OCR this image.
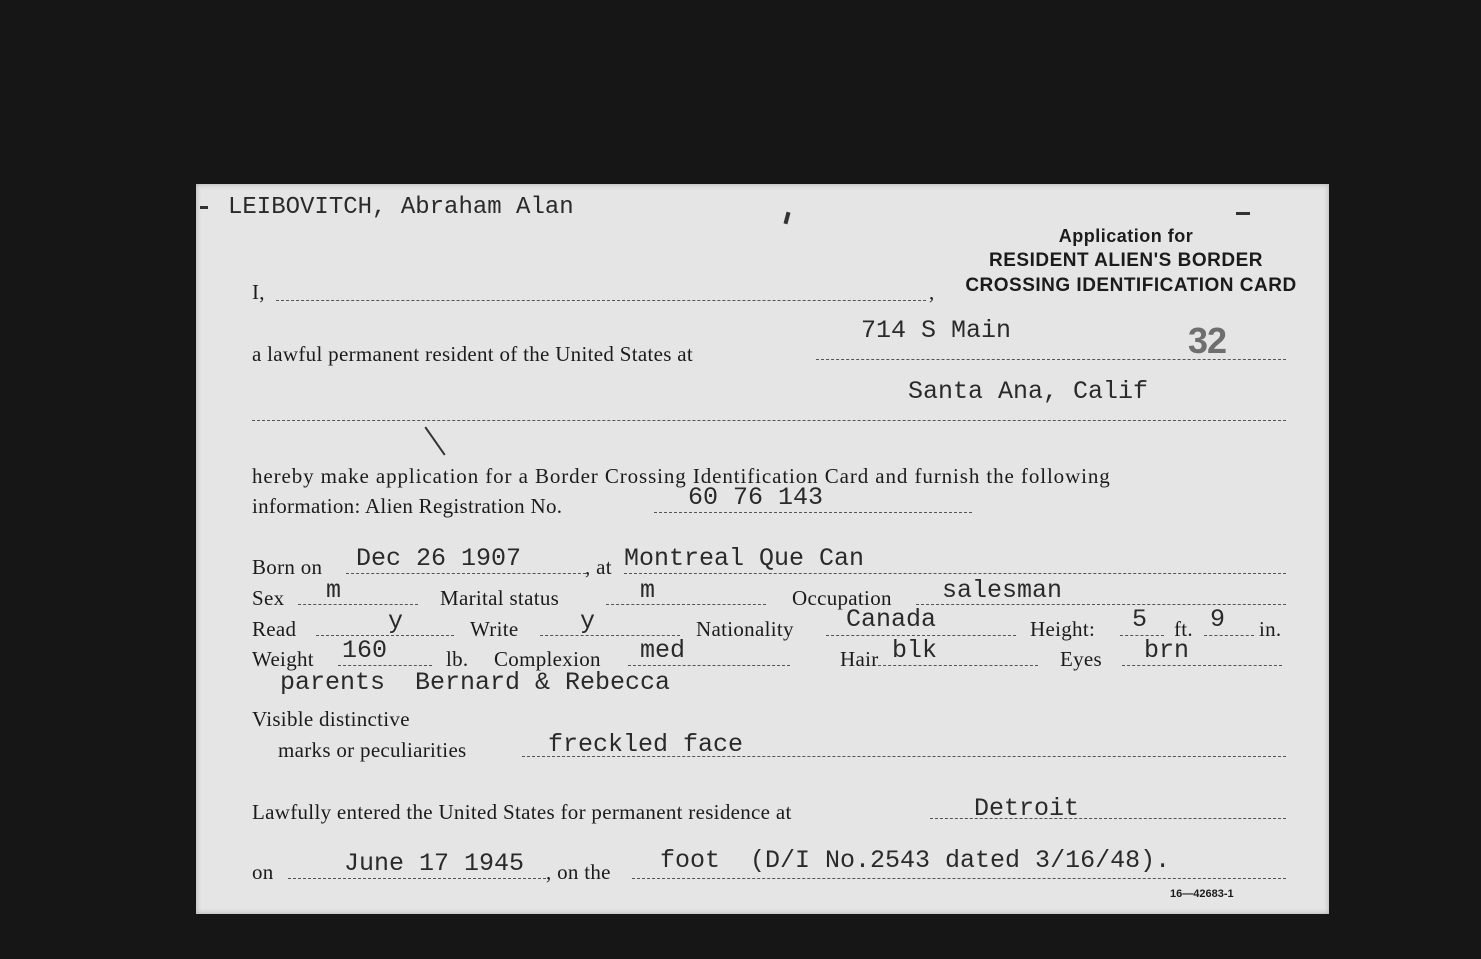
LEIBOVITCH, Abraham Alan
Application for
RESIDENT ALIEN'S BORDER
CROSSING IDENTIFICATION CARD
I,	,
a lawful permanent resident of the United States at
714 S Main	32
Santa Ana, Calif
hereby make application for a Border Crossing Identification Card and furnish the following
information: Alien Registration No.	60 76 143
Born on Dec 26 1907	, at Montreal Que Can
Sex m	Marital status	m	Occupation salesman
Read	y	Write y	Nationality Canada	Height: 5 ft. 9 in.
Weight 160	lb. Complexion med	Hair blk	Eyes brn
parents  Bernard & Rebecca
Visible distinctive
marks or peculiarities	freckled face
Lawfully entered the United States for permanent residence at	Detroit
on	June 17 1945 , on the foot  (D/I No.2543 dated 3/16/48).
16—42683-1
